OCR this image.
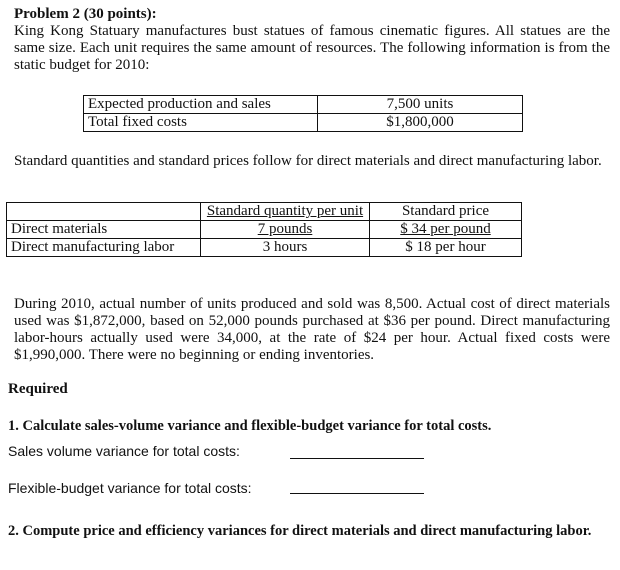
Problem 2 (30 points):
King Kong Statuary manufactures bust statues of famous cinematic figures. All statues are the same size. Each unit requires the same amount of resources. The following information is from the static budget for 2010:
Expected production and sales	7,500 units
Total fixed costs	$1,800,000
Standard quantities and standard prices follow for direct materials and direct manufacturing labor.
	Standard quantity per unit	Standard price
Direct materials	7 pounds	$ 34 per pound
Direct manufacturing labor	3 hours	$ 18 per hour
During 2010, actual number of units produced and sold was 8,500. Actual cost of direct materials used was $1,872,000, based on 52,000 pounds purchased at $36 per pound. Direct manufacturing labor-hours actually used were 34,000, at the rate of $24 per hour. Actual fixed costs were $1,990,000. There were no beginning or ending inventories.
Required
1. Calculate sales-volume variance and flexible-budget variance for total costs.
Sales volume variance for total costs:
Flexible-budget variance for total costs:
2. Compute price and efficiency variances for direct materials and direct manufacturing labor.
